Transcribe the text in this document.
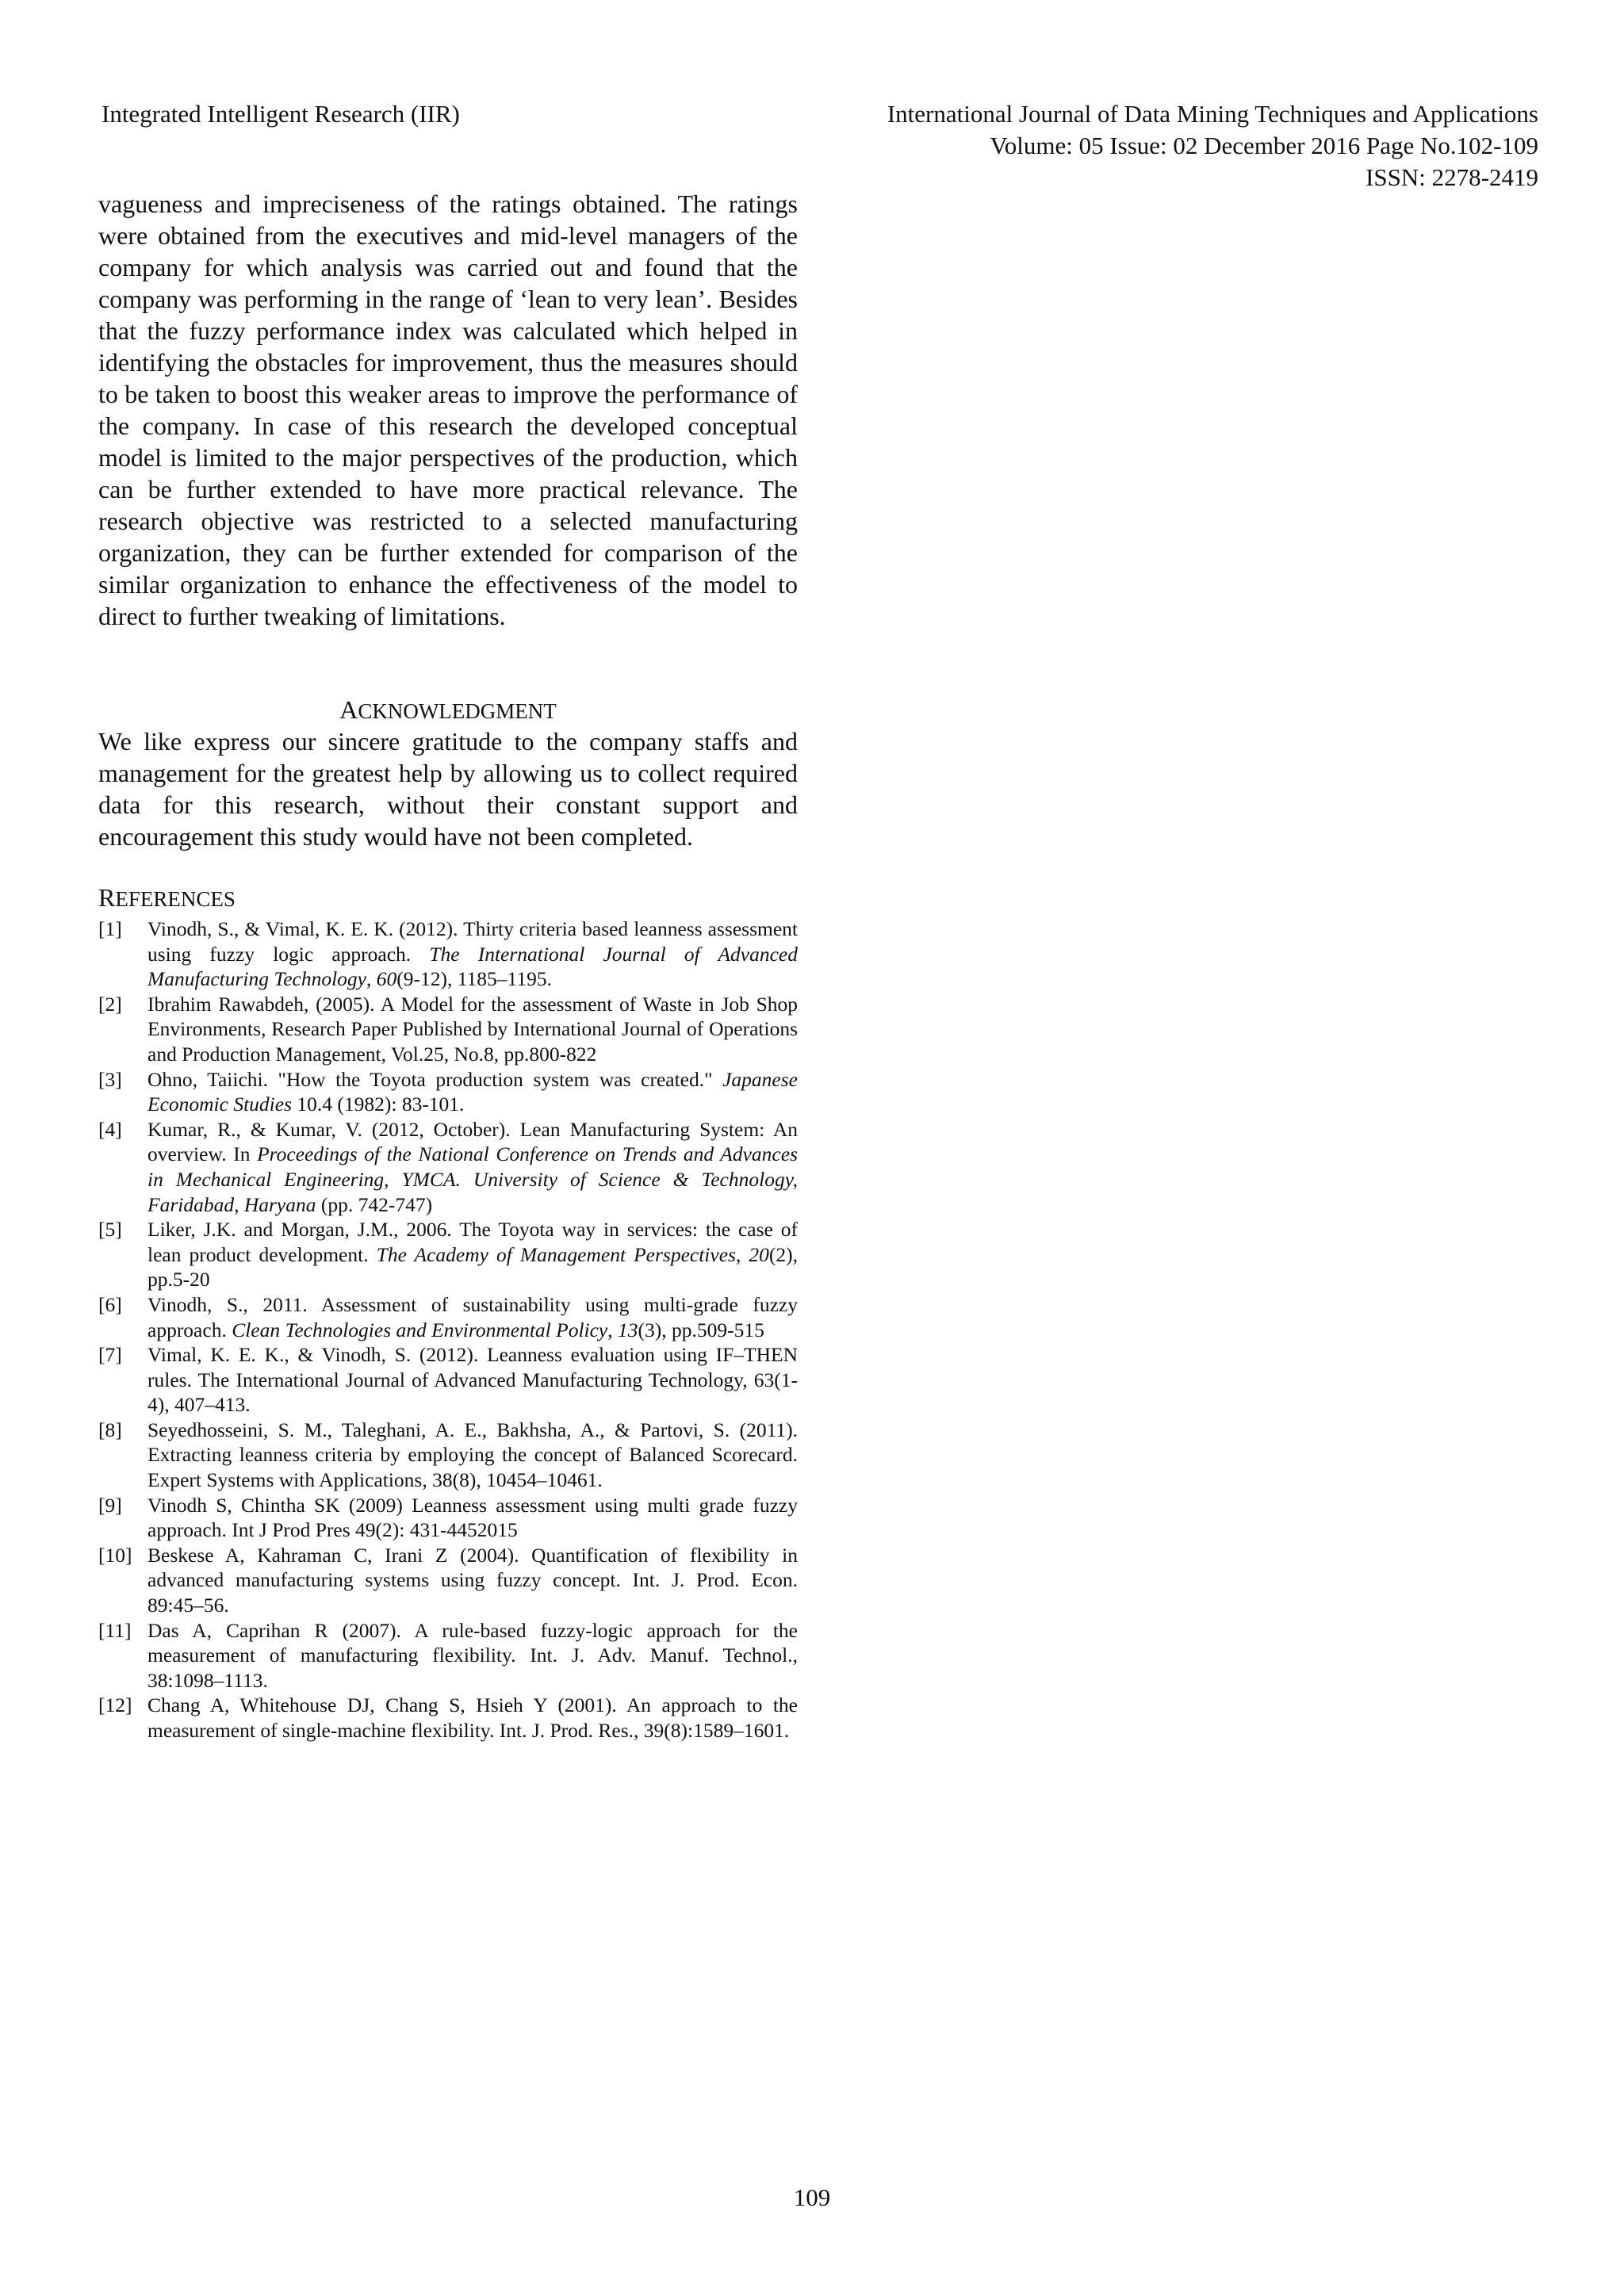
Integrated Intelligent Research (IIR)	International Journal of Data Mining Techniques and Applications
Volume: 05 Issue: 02 December 2016 Page No.102-109
ISSN: 2278-2419
vagueness and impreciseness of the ratings obtained. The ratings were obtained from the executives and mid-level managers of the company for which analysis was carried out and found that the company was performing in the range of ‘lean to very lean’. Besides that the fuzzy performance index was calculated which helped in identifying the obstacles for improvement, thus the measures should to be taken to boost this weaker areas to improve the performance of the company. In case of this research the developed conceptual model is limited to the major perspectives of the production, which can be further extended to have more practical relevance. The research objective was restricted to a selected manufacturing organization, they can be further extended for comparison of the similar organization to enhance the effectiveness of the model to direct to further tweaking of limitations.
ACKNOWLEDGMENT
We like express our sincere gratitude to the company staffs and management for the greatest help by allowing us to collect required data for this research, without their constant support and encouragement this study would have not been completed.
REFERENCES
[1] Vinodh, S., & Vimal, K. E. K. (2012). Thirty criteria based leanness assessment using fuzzy logic approach. The International Journal of Advanced Manufacturing Technology, 60(9-12), 1185–1195.
[2] Ibrahim Rawabdeh, (2005). A Model for the assessment of Waste in Job Shop Environments, Research Paper Published by International Journal of Operations and Production Management, Vol.25, No.8, pp.800-822
[3] Ohno, Taiichi. "How the Toyota production system was created." Japanese Economic Studies 10.4 (1982): 83-101.
[4] Kumar, R., & Kumar, V. (2012, October). Lean Manufacturing System: An overview. In Proceedings of the National Conference on Trends and Advances in Mechanical Engineering, YMCA. University of Science & Technology, Faridabad, Haryana (pp. 742-747)
[5] Liker, J.K. and Morgan, J.M., 2006. The Toyota way in services: the case of lean product development. The Academy of Management Perspectives, 20(2), pp.5-20
[6] Vinodh, S., 2011. Assessment of sustainability using multi-grade fuzzy approach. Clean Technologies and Environmental Policy, 13(3), pp.509-515
[7] Vimal, K. E. K., & Vinodh, S. (2012). Leanness evaluation using IF–THEN rules. The International Journal of Advanced Manufacturing Technology, 63(1-4), 407–413.
[8] Seyedhosseini, S. M., Taleghani, A. E., Bakhsha, A., & Partovi, S. (2011). Extracting leanness criteria by employing the concept of Balanced Scorecard. Expert Systems with Applications, 38(8), 10454–10461.
[9] Vinodh S, Chintha SK (2009) Leanness assessment using multi grade fuzzy approach. Int J Prod Pres 49(2): 431-4452015
[10] Beskese A, Kahraman C, Irani Z (2004). Quantification of flexibility in advanced manufacturing systems using fuzzy concept. Int. J. Prod. Econ. 89:45–56.
[11] Das A, Caprihan R (2007). A rule-based fuzzy-logic approach for the measurement of manufacturing flexibility. Int. J. Adv. Manuf. Technol., 38:1098–1113.
[12] Chang A, Whitehouse DJ, Chang S, Hsieh Y (2001). An approach to the measurement of single-machine flexibility. Int. J. Prod. Res., 39(8):1589–1601.
109
